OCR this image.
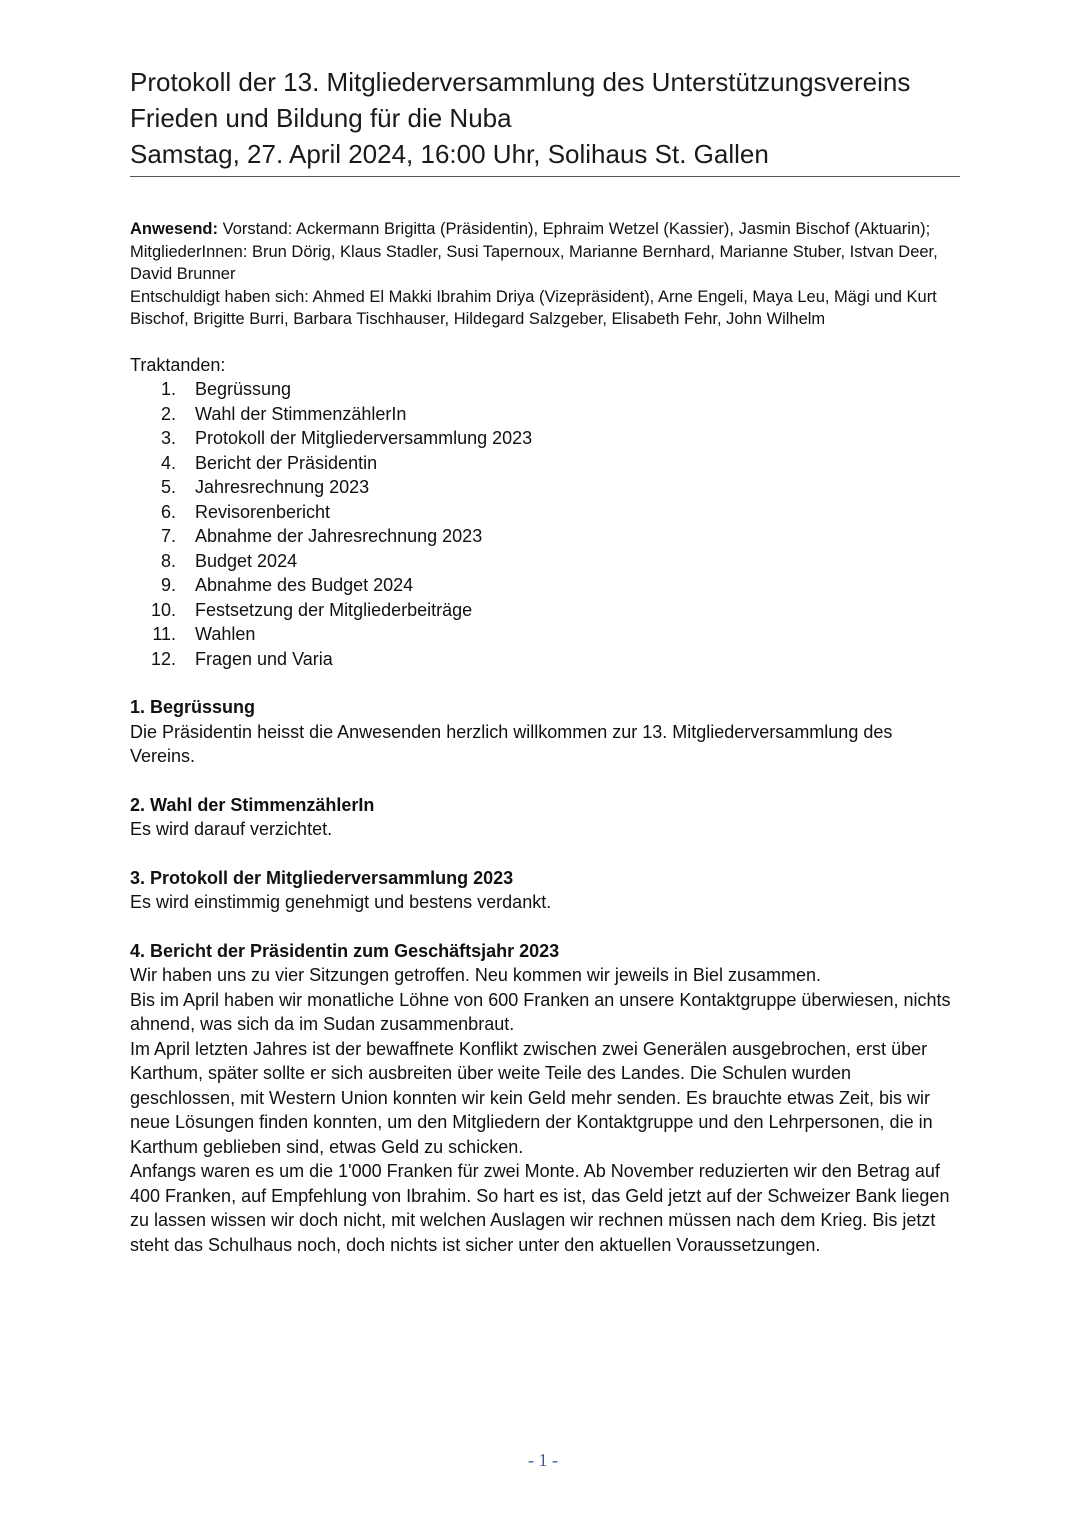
Protokoll der 13. Mitgliederversammlung des Unterstützungsvereins

Frieden und Bildung für die Nuba

Samstag, 27. April 2024, 16:00 Uhr, Solihaus St. Gallen

Anwesend: Vorstand: Ackermann Brigitta (Präsidentin), Ephraim Wetzel (Kassier), Jasmin Bischof (Aktuarin); MitgliederInnen: Brun Dörig, Klaus Stadler, Susi Tapernoux, Marianne Bernhard, Marianne Stuber, Istvan Deer, David Brunner
Entschuldigt haben sich: Ahmed El Makki Ibrahim Driya (Vizepräsident), Arne Engeli, Maya Leu, Mägi und Kurt Bischof, Brigitte Burri, Barbara Tischhauser, Hildegard Salzgeber, Elisabeth Fehr, John Wilhelm
Traktanden:
1. Begrüssung
2. Wahl der StimmenzählerIn
3. Protokoll der Mitgliederversammlung 2023
4. Bericht der Präsidentin
5. Jahresrechnung 2023
6. Revisorenbericht
7. Abnahme der Jahresrechnung 2023
8. Budget 2024
9. Abnahme des Budget 2024
10. Festsetzung der Mitgliederbeiträge
11. Wahlen
12. Fragen und Varia
1. Begrüssung

Die Präsidentin heisst die Anwesenden herzlich willkommen zur 13. Mitgliederversammlung des Vereins.

2. Wahl der StimmenzählerIn

Es wird darauf verzichtet.

3. Protokoll der Mitgliederversammlung 2023

Es wird einstimmig genehmigt und bestens verdankt.

4. Bericht der Präsidentin zum Geschäftsjahr 2023

Wir haben uns zu vier Sitzungen getroffen. Neu kommen wir jeweils in Biel zusammen.

Bis im April haben wir monatliche Löhne von 600 Franken an unsere Kontaktgruppe überwiesen, nichts ahnend, was sich da im Sudan zusammenbraut.

Im April letzten Jahres ist der bewaffnete Konflikt zwischen zwei Generälen ausgebrochen, erst über Karthum, später sollte er sich ausbreiten über weite Teile des Landes. Die Schulen wurden geschlossen, mit Western Union konnten wir kein Geld mehr senden. Es brauchte etwas Zeit, bis wir neue Lösungen finden konnten, um den Mitgliedern der Kontaktgruppe und den Lehrpersonen, die in Karthum geblieben sind, etwas Geld zu schicken.

Anfangs waren es um die 1'000 Franken für zwei Monte. Ab November reduzierten wir den Betrag auf 400 Franken, auf Empfehlung von Ibrahim. So hart es ist, das Geld jetzt auf der Schweizer Bank liegen zu lassen wissen wir doch nicht, mit welchen Auslagen wir rechnen müssen nach dem Krieg. Bis jetzt steht das Schulhaus noch, doch nichts ist sicher unter den aktuellen Voraussetzungen.

- 1 -
